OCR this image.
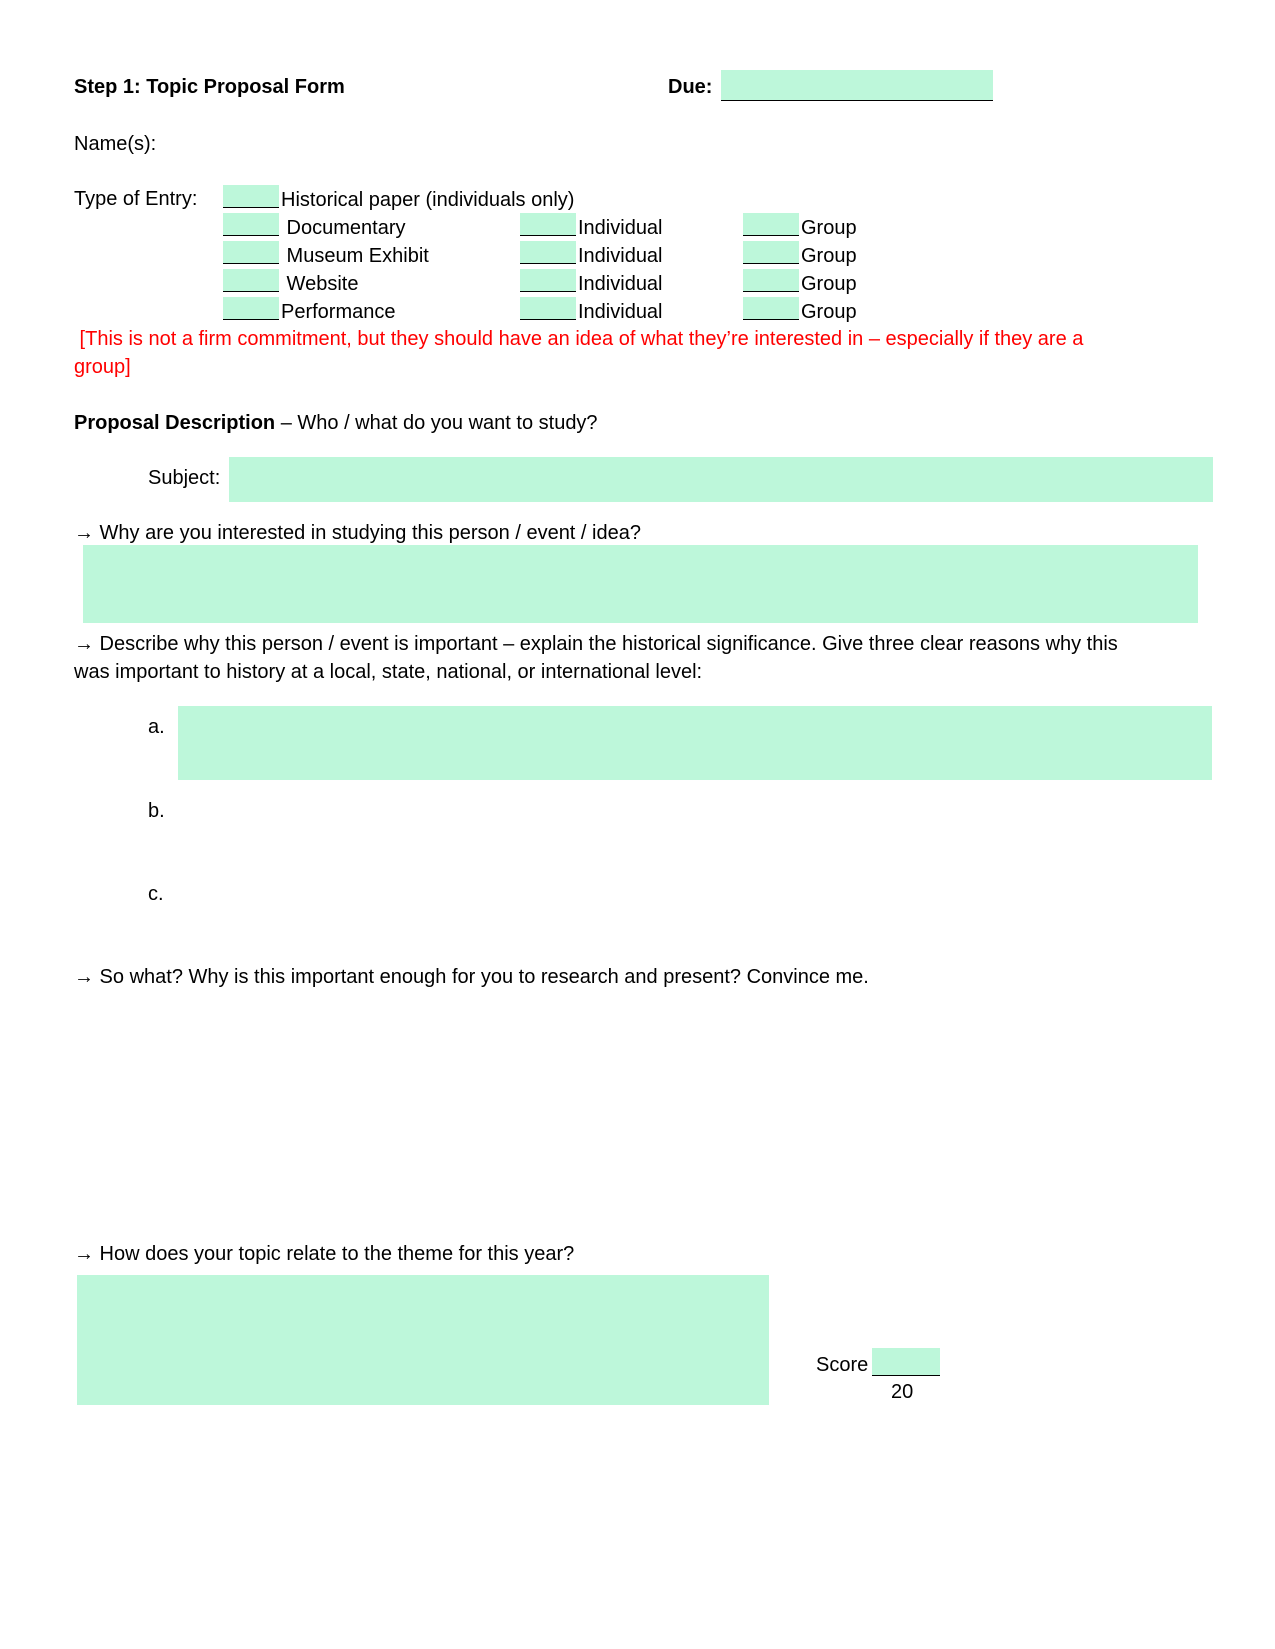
Step 1: Topic Proposal Form	Due:
Name(s):
Type of Entry:	Historical paper (individuals only)
Documentary	Individual	Group
Museum Exhibit	Individual	Group
Website	Individual	Group
Performance	Individual	Group
[This is not a firm commitment, but they should have an idea of what they’re interested in – especially if they are a
group]
Proposal Description – Who / what do you want to study?
Subject:
→ Why are you interested in studying this person / event / idea?
→ Describe why this person / event is important – explain the historical significance. Give three clear reasons why this
was important to history at a local, state, national, or international level:
a.
b.
c.
→ So what? Why is this important enough for you to research and present? Convince me.
→ How does your topic relate to the theme for this year?
Score
20
